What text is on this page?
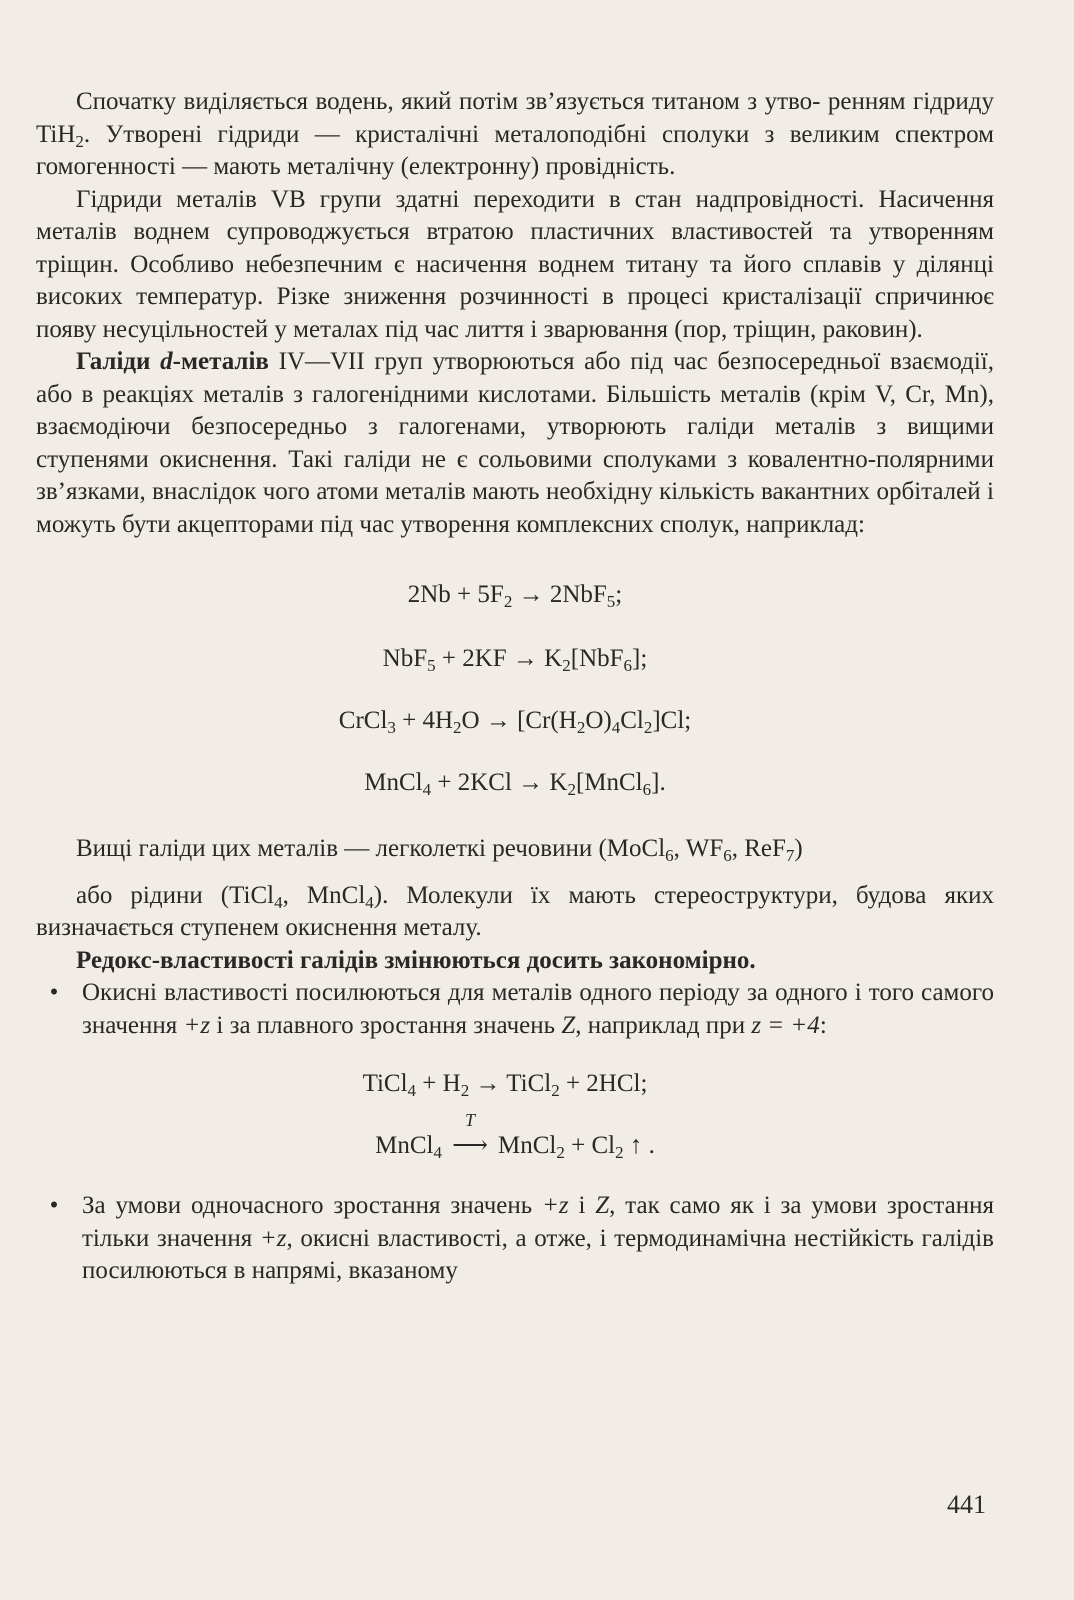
Спочатку виділяється водень, який потім зв’язується титаном з утво- ренням гідриду TiH$_2$. Утворені гідриди — кристалічні металоподібні сполуки з великим спектром гомогенності — мають металічну (електронну) провідність.

Гідриди металів VB групи здатні переходити в стан надпровідності. Насичення металів воднем супроводжується втратою пластичних властивостей та утворенням тріщин. Особливо небезпечним є насичення воднем титану та його сплавів у ділянці високих температур. Різке зниження розчинності в процесі кристалізації спричинює появу несуцільностей у металах під час лиття і зварювання (пор, тріщин, раковин).

Галіди d-металів IV—VII груп утворюються або під час безпосередньої взаємодії, або в реакціях металів з галогенідними кислотами. Більшість металів (крім V, Cr, Mn), взаємодіючи безпосередньо з галогенами, утворюють галіди металів з вищими ступенями окиснення. Такі галіди не є сольовими сполуками з ковалентно-полярними зв’язками, внаслідок чого атоми металів мають необхідну кількість вакантних орбіталей і можуть бути акцепторами під час утворення комплексних сполук, наприклад:

$2Nb + 5F_2 \to 2NbF_5$;
$NbF_5 + 2KF \to K_2[NbF_6]$;
CrCl$_3$ + $4H_2O \to [Cr(H_2O)_4Cl_2]Cl$;
MnCl$_4$ + $2KCl \to K_2[MnCl_6]$.

Вищі галіди цих металів — легколеткі речовини (MoCl$_6$, $WF_6$, ReF$_7$)
або рідини (TiCl$_4$, MnCl$_4$). Молекули їх мають стереоструктури, будова яких визначається ступенем окиснення металу.

Редокс-властивості галідів змінюються досить закономірно.

• Окисні властивості посилюються для металів одного періоду за одного і того самого значення +z і за плавного зростання значень Z, наприклад при z = +4:
TiCl$_4$ + $H_2$ → TiCl$_2$ + 2HCl;
MnCl$_4$
T
⟶ MnCl$_2$ + $Cl_2$ ↑ .
• За умови одночасного зростання значень +z і Z, так само як і за умови зростання тільки значення +z, окисні властивості, а отже, і термодинамічна нестійкість галідів посилюються в напрямі, вказаному
441
